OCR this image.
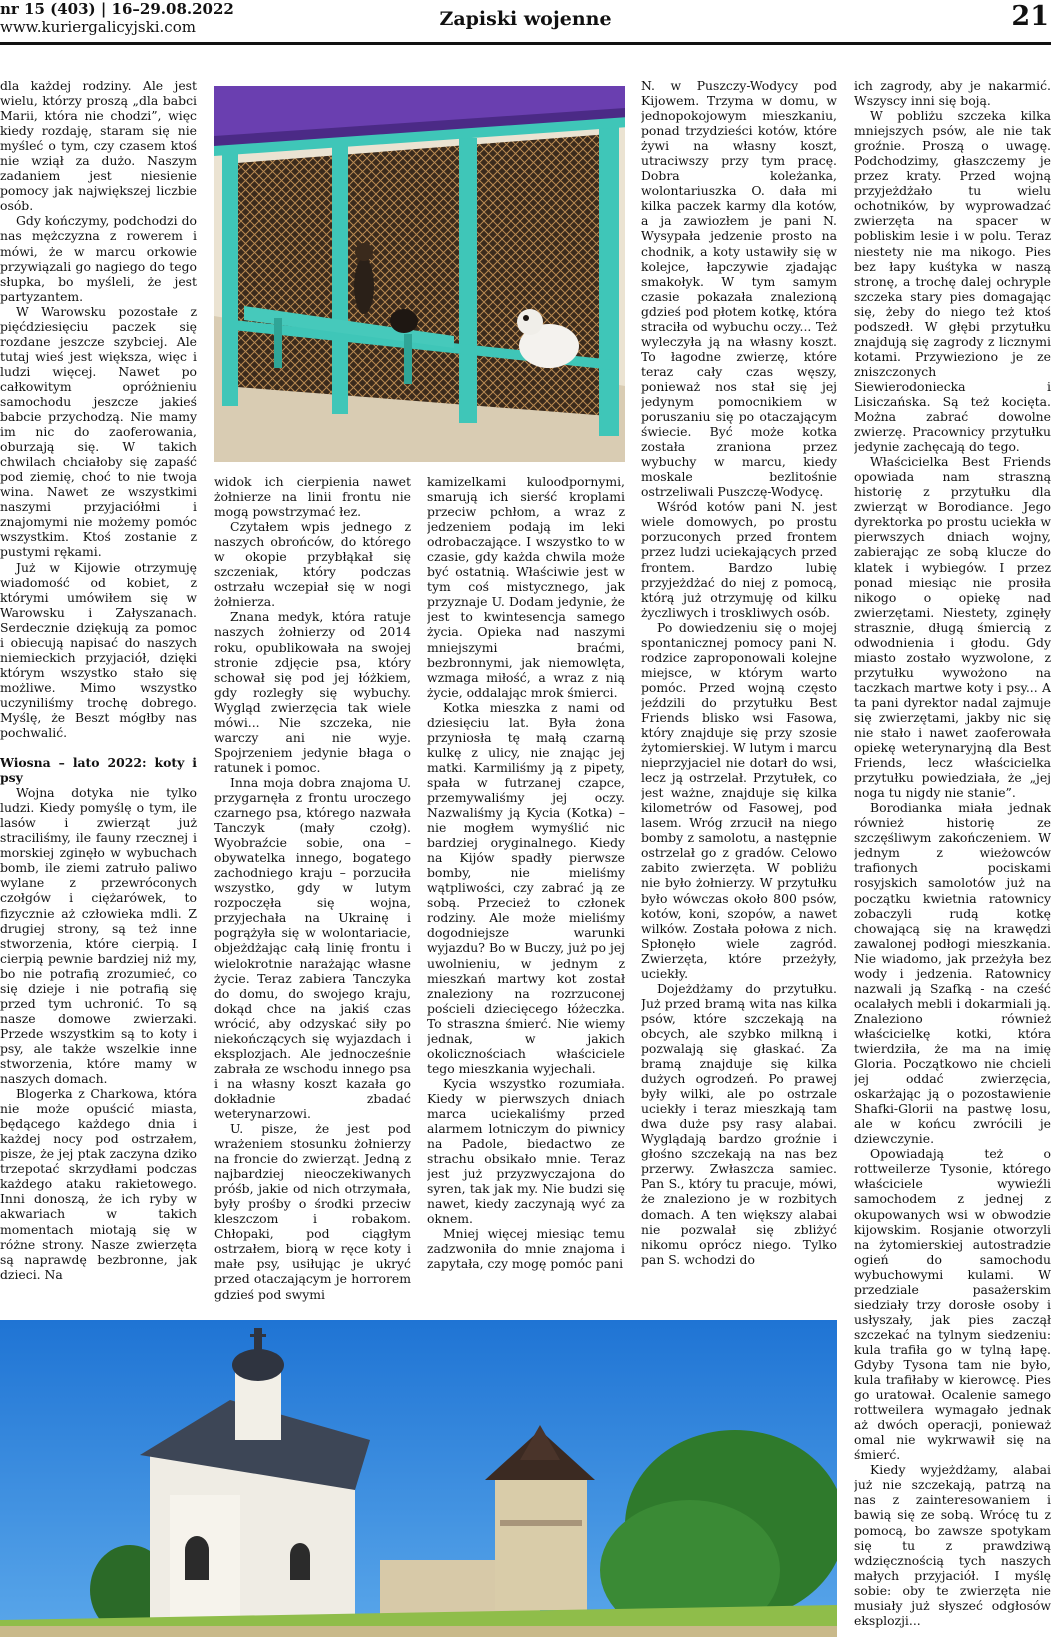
nr 15 (403) | 16–29.08.2022
www.kuriergalicyjski.com	Zapiski wojenne	21

dla każdej rodziny. Ale jest wielu, którzy proszą „dla babci Marii, która nie chodzi”, więc kiedy rozdaję, staram się nie myśleć o tym, czy czasem ktoś nie wziął za dużo. Naszym zadaniem jest niesienie pomocy jak największej liczbie osób.

Gdy kończymy, podchodzi do nas mężczyzna z rowerem i mówi, że w marcu orkowie przywiązali go nagiego do tego słupka, bo myśleli, że jest partyzantem.

W Warowsku pozostałe z pięćdziesięciu paczek się rozdane jeszcze szybciej. Ale tutaj wieś jest większa, więc i ludzi więcej. Nawet po całkowitym opróżnieniu samochodu jeszcze jakieś babcie przychodzą. Nie mamy im nic do zaoferowania, oburzają się. W takich chwilach chciałoby się zapaść pod ziemię, choć to nie twoja wina. Nawet ze wszystkimi naszymi przyjaciółmi i znajomymi nie możemy pomóc wszystkim. Ktoś zostanie z pustymi rękami.

Już w Kijowie otrzymuję wiadomość od kobiet, z którymi umówiłem się w Warowsku i Załyszanach. Serdecznie dziękują za pomoc i obiecują napisać do naszych niemieckich przyjaciół, dzięki którym wszystko stało się możliwe. Mimo wszystko uczyniliśmy trochę dobrego. Myślę, że Beszt mógłby nas pochwalić.

Wiosna – lato 2022: koty i psy

Wojna dotyka nie tylko ludzi. Kiedy pomyślę o tym, ile lasów i zwierząt już straciliśmy, ile fauny rzecznej i morskiej zginęło w wybuchach bomb, ile ziemi zatruło paliwo wylane z przewróconych czołgów i ciężarówek, to fizycznie aż człowieka mdli. Z drugiej strony, są też inne stworzenia, które cierpią. I cierpią pewnie bardziej niż my, bo nie potrafią zrozumieć, co się dzieje i nie potrafią się przed tym uchronić. To są nasze domowe zwierzaki. Przede wszystkim są to koty i psy, ale także wszelkie inne stworzenia, które mamy w naszych domach.

Blogerka z Charkowa, która nie może opuścić miasta, będącego każdego dnia i każdej nocy pod ostrzałem, pisze, że jej ptak zaczyna dziko trzepotać skrzydłami podczas każdego ataku rakietowego. Inni donoszą, że ich ryby w akwariach w takich momentach miotają się w różne strony. Nasze zwierzęta są naprawdę bezbronne, jak dzieci. Na

widok ich cierpienia nawet żołnierze na linii frontu nie mogą powstrzymać łez.

Czytałem wpis jednego z naszych obrońców, do którego w okopie przybłąkał się szczeniak, który podczas ostrzału wczepiał się w nogi żołnierza.

Znana medyk, która ratuje naszych żołnierzy od 2014 roku, opublikowała na swojej stronie zdjęcie psa, który schował się pod jej łóżkiem, gdy rozległy się wybuchy. Wygląd zwierzęcia tak wiele mówi... Nie szczeka, nie warczy ani nie wyje. Spojrzeniem jedynie błaga o ratunek i pomoc.

Inna moja dobra znajoma U. przygarnęła z frontu uroczego czarnego psa, którego nazwała Tanczyk (mały czołg). Wyobraźcie sobie, ona – obywatelka innego, bogatego zachodniego kraju – porzuciła wszystko, gdy w lutym rozpoczęła się wojna, przyjechała na Ukrainę i pogrążyła się w wolontariacie, objeżdżając całą linię frontu i wielokrotnie narażając własne życie. Teraz zabiera Tanczyka do domu, do swojego kraju, dokąd chce na jakiś czas wrócić, aby odzyskać siły po niekończących się wyjazdach i eksplozjach. Ale jednocześnie zabrała ze wschodu innego psa i na własny koszt kazała go dokładnie zbadać weterynarzowi.

U. pisze, że jest pod wrażeniem stosunku żołnierzy na froncie do zwierząt. Jedną z najbardziej nieoczekiwanych próśb, jakie od nich otrzymała, były prośby o środki przeciw kleszczom i robakom. Chłopaki, pod ciągłym ostrzałem, biorą w ręce koty i małe psy, usiłując je ukryć przed otaczającym je horrorem gdzieś pod swymi

kamizelkami kuloodpornymi, smarują ich sierść kroplami przeciw pchłom, a wraz z jedzeniem podają im leki odrobaczające. I wszystko to w czasie, gdy każda chwila może być ostatnią. Właściwie jest w tym coś mistycznego, jak przyznaje U. Dodam jedynie, że jest to kwintesencja samego życia. Opieka nad naszymi mniejszymi braćmi, bezbronnymi, jak niemowlęta, wzmaga miłość, a wraz z nią życie, oddalając mrok śmierci.

Kotka mieszka z nami od dziesięciu lat. Była żona przyniosła tę małą czarną kulkę z ulicy, nie znając jej matki. Karmiliśmy ją z pipety, spała w futrzanej czapce, przemywaliśmy jej oczy. Nazwaliśmy ją Kycia (Kotka) – nie mogłem wymyślić nic bardziej oryginalnego. Kiedy na Kijów spadły pierwsze bomby, nie mieliśmy wątpliwości, czy zabrać ją ze sobą. Przecież to członek rodziny. Ale może mieliśmy dogodniejsze warunki wyjazdu? Bo w Buczy, już po jej uwolnieniu, w jednym z mieszkań martwy kot został znaleziony na rozrzuconej pościeli dziecięcego łóżeczka. To straszna śmierć. Nie wiemy jednak, w jakich okolicznościach właściciele tego mieszkania wyjechali.

Kycia wszystko rozumiała. Kiedy w pierwszych dniach marca uciekaliśmy przed alarmem lotniczym do piwnicy na Padole, biedactwo ze strachu obsikało mnie. Teraz jest już przyzwyczajona do syren, tak jak my. Nie budzi się nawet, kiedy zaczynają wyć za oknem.

Mniej więcej miesiąc temu zadzwoniła do mnie znajoma i zapytała, czy mogę pomóc pani

N. w Puszczy-Wodycy pod Kijowem. Trzyma w domu, w jednopokojowym mieszkaniu, ponad trzydzieści kotów, które żywi na własny koszt, utraciwszy przy tym pracę. Dobra koleżanka, wolontariuszka O. dała mi kilka paczek karmy dla kotów, a ja zawiozłem je pani N. Wysypała jedzenie prosto na chodnik, a koty ustawiły się w kolejce, łapczywie zjadając smakołyk. W tym samym czasie pokazała znalezioną gdzieś pod płotem kotkę, która straciła od wybuchu oczy... Też wyleczyła ją na własny koszt. To łagodne zwierzę, które teraz cały czas węszy, ponieważ nos stał się jej jedynym pomocnikiem w poruszaniu się po otaczającym świecie. Być może kotka została zraniona przez wybuchy w marcu, kiedy moskale bezlitośnie ostrzeliwali Puszczę-Wodycę.

Wśród kotów pani N. jest wiele domowych, po prostu porzuconych przed frontem przez ludzi uciekających przed frontem. Bardzo lubię przyjeżdżać do niej z pomocą, którą już otrzymuję od kilku życzliwych i troskliwych osób.

Po dowiedzeniu się o mojej spontanicznej pomocy pani N. rodzice zaproponowali kolejne miejsce, w którym warto pomóc. Przed wojną często jeździli do przytułku Best Friends blisko wsi Fasowa, który znajduje się przy szosie żytomierskiej. W lutym i marcu nieprzyjaciel nie dotarł do wsi, lecz ją ostrzelał. Przytułek, co jest ważne, znajduje się kilka kilometrów od Fasowej, pod lasem. Wróg zrzucił na niego bomby z samolotu, a następnie ostrzelał go z gradów. Celowo zabito zwierzęta. W pobliżu nie było żołnierzy. W przytułku było wówczas około 800 psów, kotów, koni, szopów, a nawet wilków. Została połowa z nich. Spłonęło wiele zagród. Zwierzęta, które przeżyły, uciekły.

Dojeżdżamy do przytułku. Już przed bramą wita nas kilka psów, które szczekają na obcych, ale szybko milkną i pozwalają się głaskać. Za bramą znajduje się kilka dużych ogrodzeń. Po prawej były wilki, ale po ostrzale uciekły i teraz mieszkają tam dwa duże psy rasy alabai. Wyglądają bardzo groźnie i głośno szczekają na nas bez przerwy. Zwłaszcza samiec. Pan S., który tu pracuje, mówi, że znaleziono je w rozbitych domach. A ten większy alabai nie pozwalał się zbliżyć nikomu oprócz niego. Tylko pan S. wchodzi do

ich zagrody, aby je nakarmić. Wszyscy inni się boją.

W pobliżu szczeka kilka mniejszych psów, ale nie tak groźnie. Proszą o uwagę. Podchodzimy, głaszczemy je przez kraty. Przed wojną przyjeżdżało tu wielu ochotników, by wyprowadzać zwierzęta na spacer w pobliskim lesie i w polu. Teraz niestety nie ma nikogo. Pies bez łapy kuśtyka w naszą stronę, a trochę dalej ochryple szczeka stary pies domagając się, żeby do niego też ktoś podszedł. W głębi przytułku znajdują się zagrody z licznymi kotami. Przywieziono je ze zniszczonych Siewierodoniecka i Lisiczańska. Są też kocięta. Można zabrać dowolne zwierzę. Pracownicy przytułku jedynie zachęcają do tego.

Właścicielka Best Friends opowiada nam straszną historię z przytułku dla zwierząt w Borodiance. Jego dyrektorka po prostu uciekła w pierwszych dniach wojny, zabierając ze sobą klucze do klatek i wybiegów. I przez ponad miesiąc nie prosiła nikogo o opiekę nad zwierzętami. Niestety, zginęły strasznie, długą śmiercią z odwodnienia i głodu. Gdy miasto zostało wyzwolone, z przytułku wywożono na taczkach martwe koty i psy... A ta pani dyrektor nadal zajmuje się zwierzętami, jakby nic się nie stało i nawet zaoferowała opiekę weterynaryjną dla Best Friends, lecz właścicielka przytułku powiedziała, że „jej noga tu nigdy nie stanie”.

Borodianka miała jednak również historię ze szczęśliwym zakończeniem. W jednym z wieżowców trafionych pociskami rosyjskich samolotów już na początku kwietnia ratownicy zobaczyli rudą kotkę chowającą się na krawędzi zawalonej podłogi mieszkania. Nie wiadomo, jak przeżyła bez wody i jedzenia. Ratownicy nazwali ją Szafką - na cześć ocalałych mebli i dokarmiali ją. Znaleziono również właścicielkę kotki, która twierdziła, że ma na imię Gloria. Początkowo nie chcieli jej oddać zwierzęcia, oskarżając ją o pozostawienie Shafki-Glorii na pastwę losu, ale w końcu zwrócili je dziewczynie.

Opowiadają też o rottweilerze Tysonie, którego właściciele wywieźli samochodem z jednej z okupowanych wsi w obwodzie kijowskim. Rosjanie otworzyli na żytomierskiej autostradzie ogień do samochodu wybuchowymi kulami. W przedziale pasażerskim siedziały trzy dorosłe osoby i usłyszały, jak pies zaczął szczekać na tylnym siedzeniu: kula trafiła go w tylną łapę. Gdyby Tysona tam nie było, kula trafiłaby w kierowcę. Pies go uratował. Ocalenie samego rottweilera wymagało jednak aż dwóch operacji, ponieważ omal nie wykrwawił się na śmierć.

Kiedy wyjeżdżamy, alabai już nie szczekają, patrzą na nas z zainteresowaniem i bawią się ze sobą. Wrócę tu z pomocą, bo zawsze spotykam się tu z prawdziwą wdzięcznością tych naszych małych przyjaciół. I myślę sobie: oby te zwierzęta nie musiały już słyszeć odgłosów eksplozji...
